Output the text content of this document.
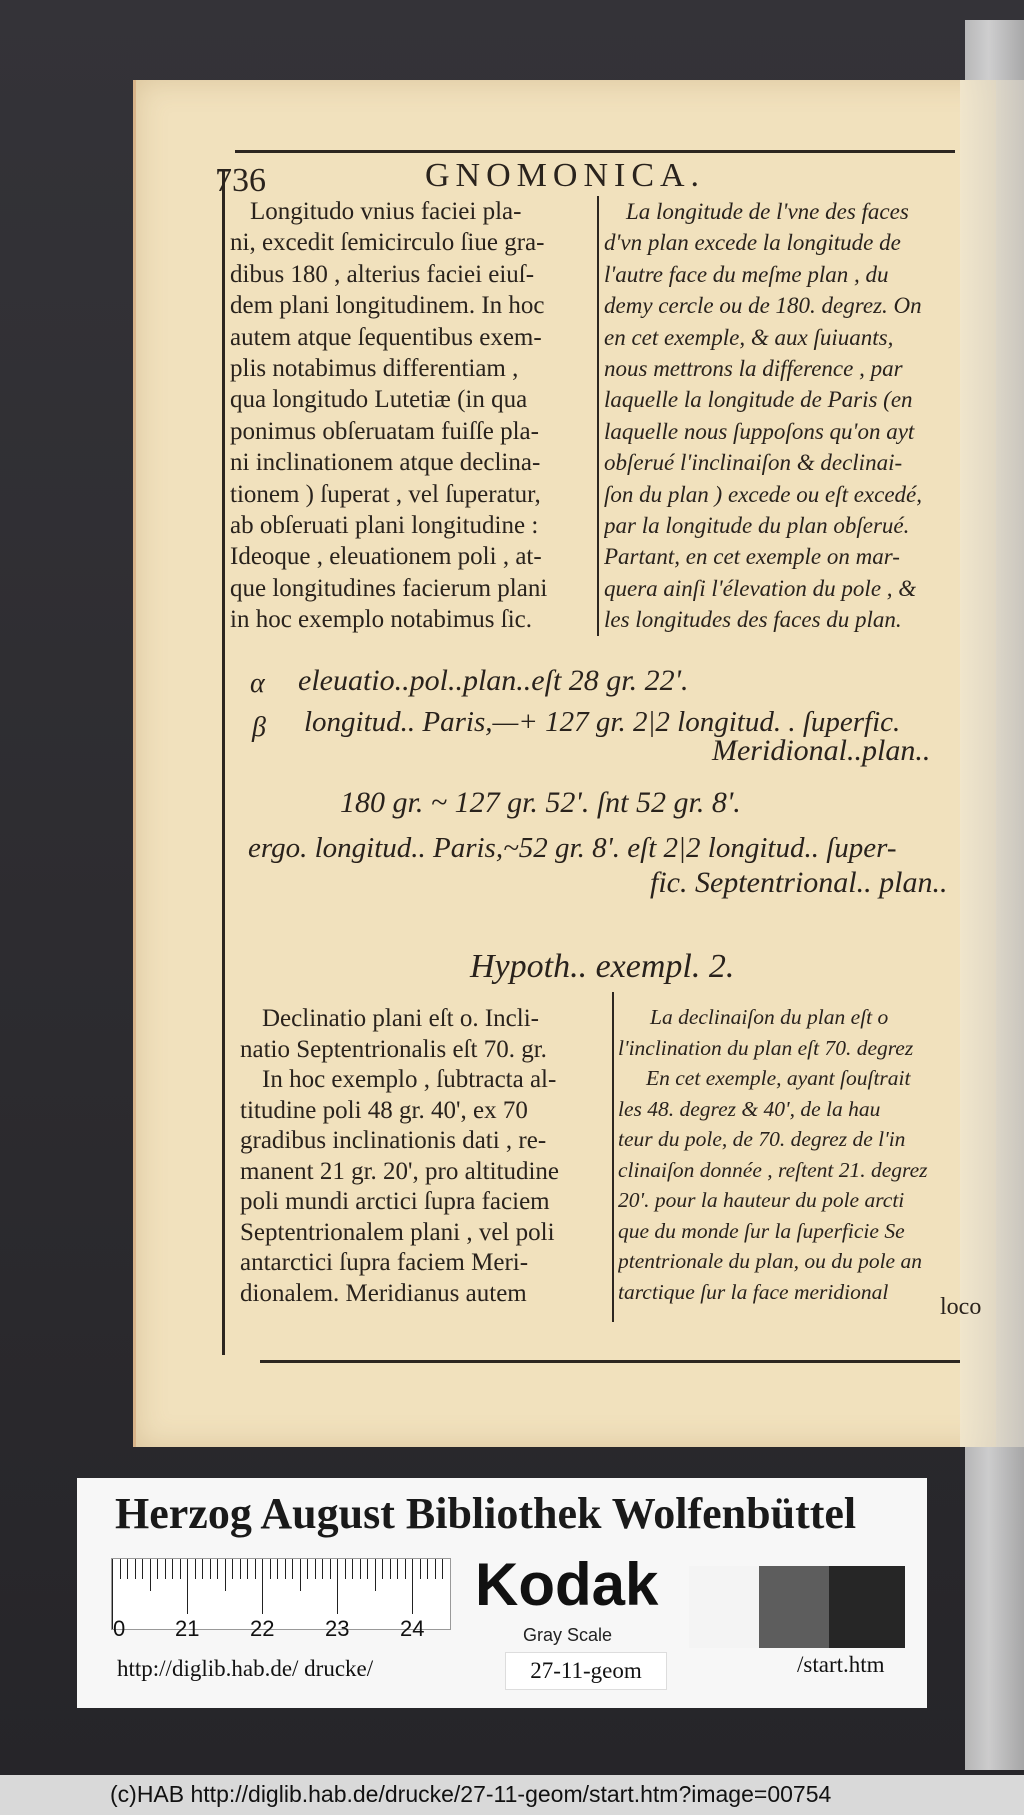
736	GNOMONICA.
Longitudo vnius faciei pla-
ni, excedit ſemicirculo ſiue gra-
dibus 180 , alterius faciei eiuſ-
dem plani longitudinem. In hoc
autem atque ſequentibus exem-
plis notabimus differentiam ,
qua longitudo Lutetiæ (in qua
ponimus obſeruatam fuiſſe pla-
ni inclinationem atque declina-
tionem ) ſuperat , vel ſuperatur,
ab obſeruati plani longitudine :
Ideoque , eleuationem poli , at-
que longitudines facierum plani
in hoc exemplo notabimus ſic.
La longitude de l'vne des faces
d'vn plan excede la longitude de
l'autre face du meſme plan , du
demy cercle ou de 180. degrez. On
en cet exemple, & aux ſuiuants,
nous mettrons la difference , par
laquelle la longitude de Paris (en
laquelle nous ſuppoſons qu'on ayt
obſerué l'inclinaiſon & declinai-
ſon du plan ) excede ou eſt excedé,
par la longitude du plan obſerué.
Partant, en cet exemple on mar-
quera ainſi l'élevation du pole , &
les longitudes des faces du plan.
α eleuatio..pol..plan..eſt 28 gr. 22'.
β longitud.. Paris,—+ 127 gr. 2|2 longitud. . ſuperfic.
Meridional..plan..
180 gr. ~ 127 gr. 52'. ſnt 52 gr. 8'.
ergo. longitud.. Paris,~52 gr. 8'. eſt 2|2 longitud.. ſuper-
fic. Septentrional.. plan..
Hypoth.. exempl. 2.
Declinatio plani eſt o. Incli-
natio Septentrionalis eſt 70. gr.
In hoc exemplo , ſubtracta al-
titudine poli 48 gr. 40', ex 70
gradibus inclinationis dati , re-
manent 21 gr. 20', pro altitudine
poli mundi arctici ſupra faciem
Septentrionalem plani , vel poli
antarctici ſupra faciem Meri-
dionalem. Meridianus autem
La declinaiſon du plan eſt o
l'inclination du plan eſt 70. degrez
En cet exemple, ayant ſouſtrait
les 48. degrez & 40', de la hau
teur du pole, de 70. degrez de l'in
clinaiſon donnée , reſtent 21. degrez
20'. pour la hauteur du pole arcti
que du monde ſur la ſuperficie Se
ptentrionale du plan, ou du pole an
tarctique ſur la face meridional
loco
Herzog August Bibliothek Wolfenbüttel
0 21 22 23 24
Kodak
Gray Scale
http://diglib.hab.de/ drucke/	27-11-geom	/start.htm
(c)HAB http://diglib.hab.de/drucke/27-11-geom/start.htm?image=00754
